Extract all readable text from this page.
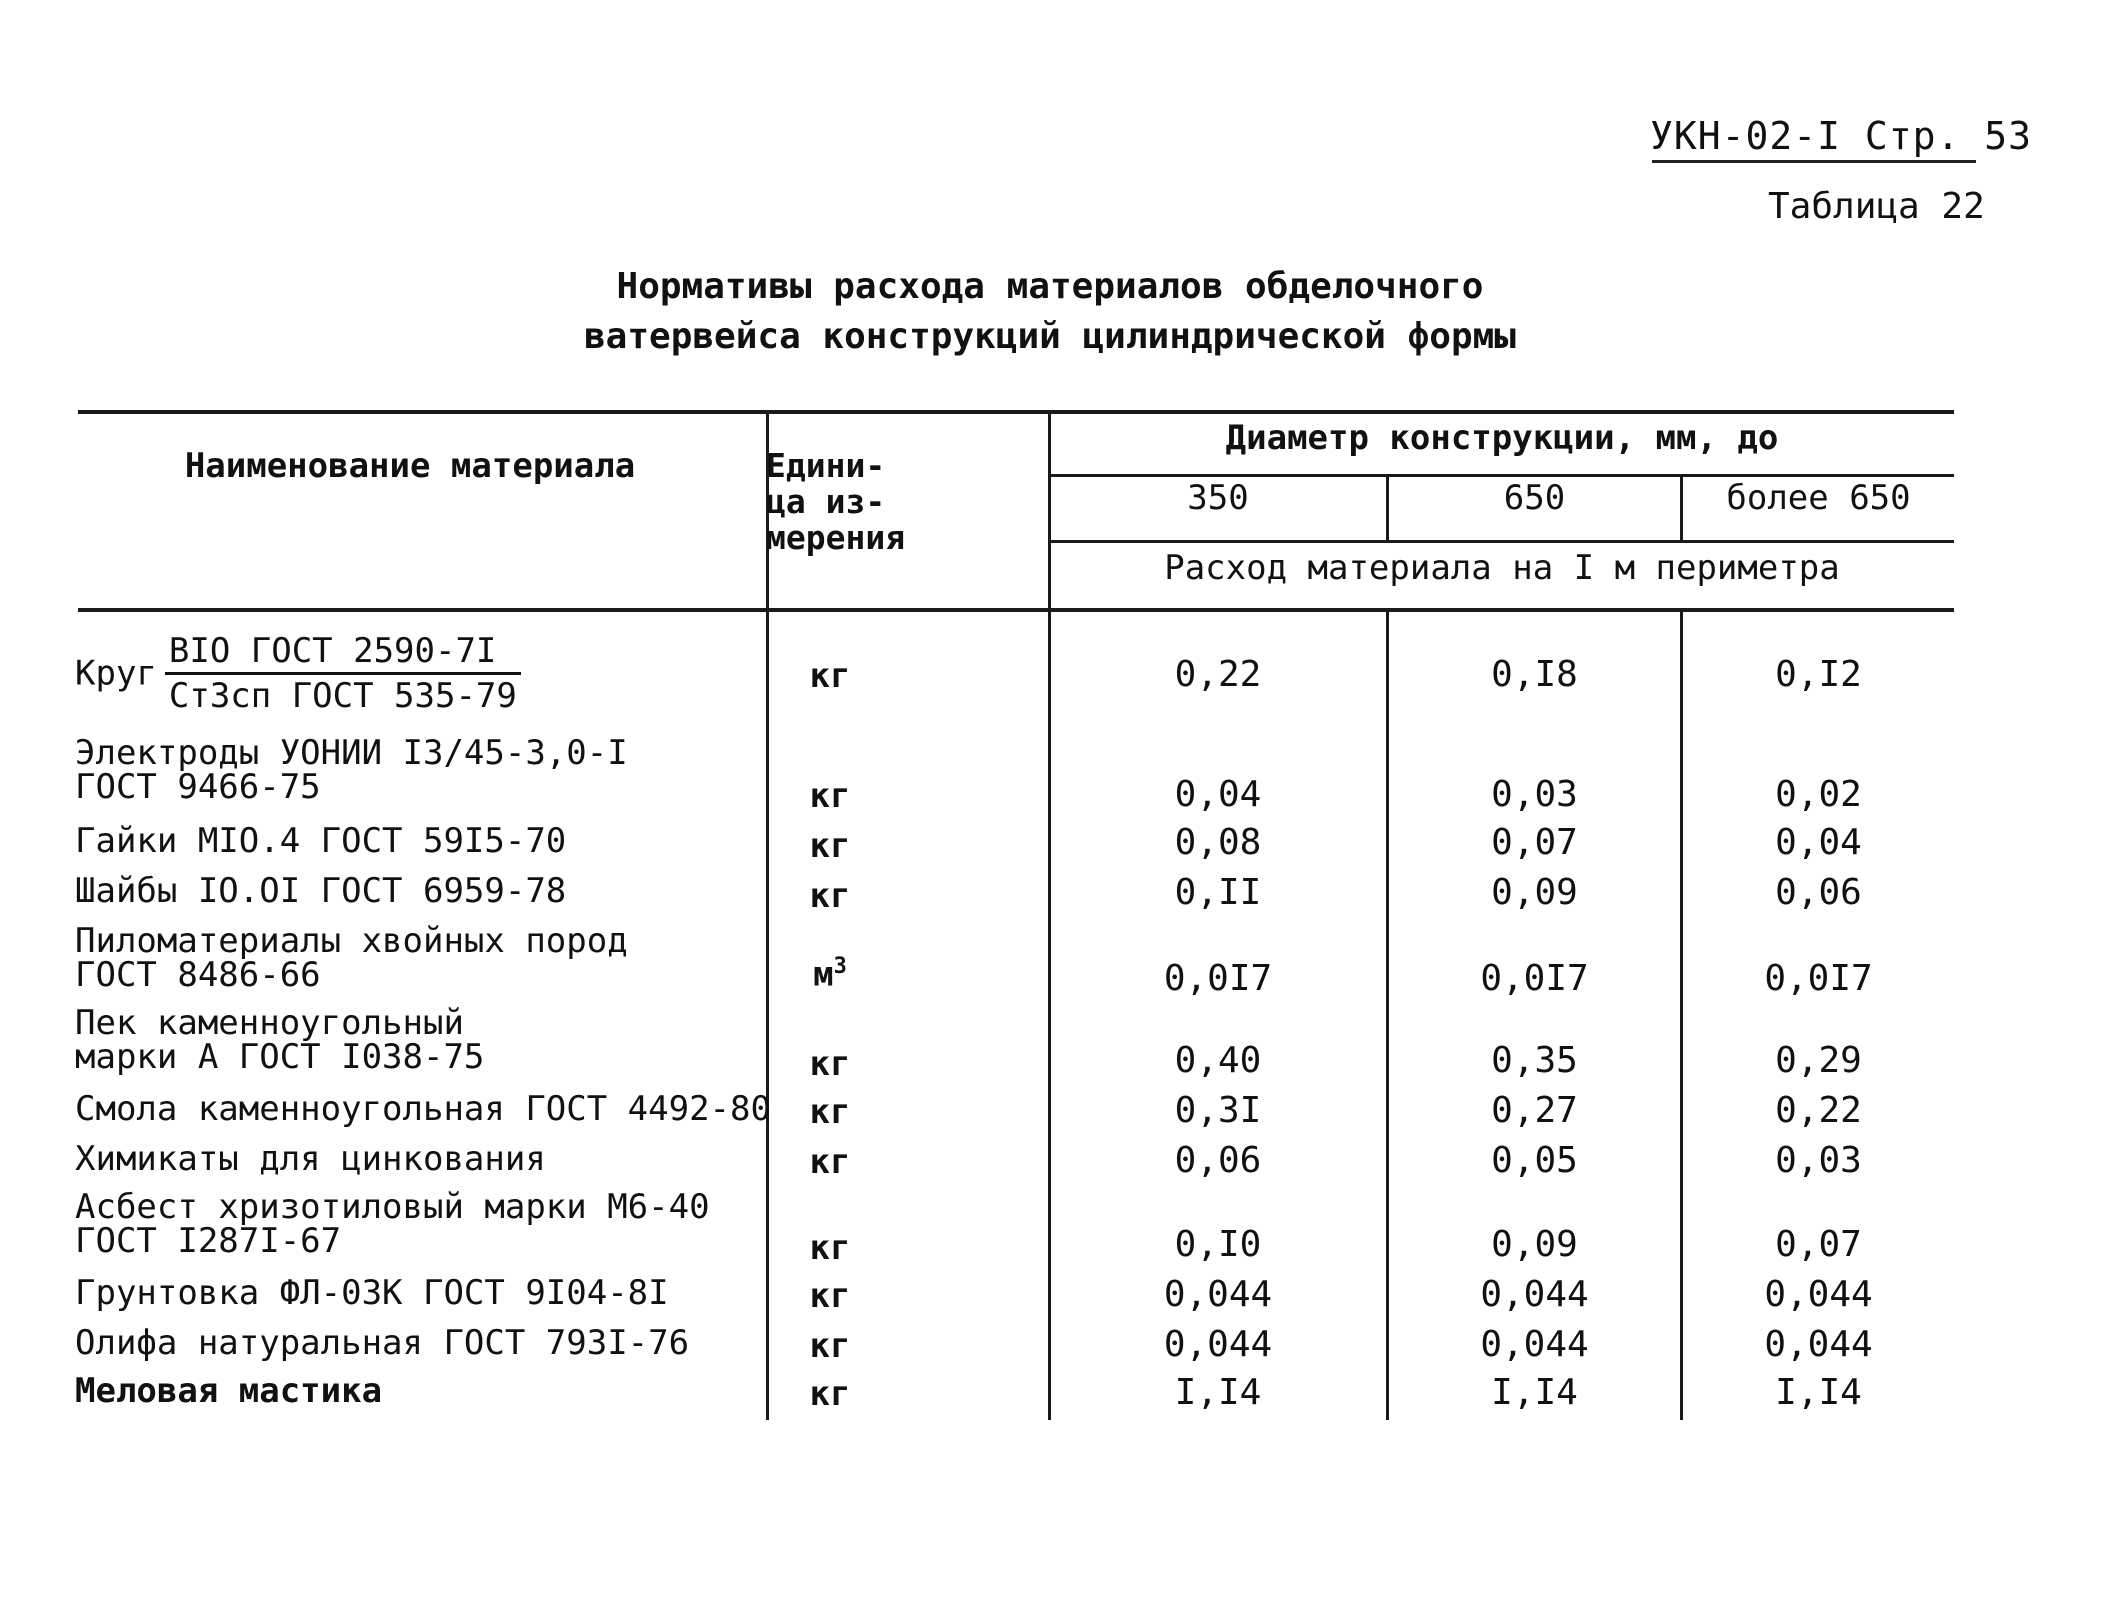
УКН-02-I Стр. 53
Таблица 22
Нормативы расхода материалов обделочного
ватервейса конструкций цилиндрической формы
Наименование материала	Едини-
ца из-
мерения
Диаметр конструкции, мм, до
350	650	более 650
Расход материала на I м периметра
Круг $\frac{\text{BIO ГОСТ 2590-7I}}{\text{Ст3сп ГОСТ 535-79}}$	кг	0,22	0,I8	0,I2
Электроды УОНИИ I3/45-3,0-I
ГОСТ 9466-75	кг	0,04	0,03	0,02
Гайки MIO.4 ГОСТ 59I5-70	кг	0,08	0,07	0,04
Шайбы IO.OI ГОСТ 6959-78	кг	0,II	0,09	0,06
Пиломатериалы хвойных пород
ГОСТ 8486-66	$м^3$	0,0I7	0,0I7	0,0I7
Пек каменноугольный
марки А ГОСТ I038-75	кг	0,40	0,35	0,29
Смола каменноугольная ГОСТ 4492-80	кг	0,3I	0,27	0,22
Химикаты для цинкования	кг	0,06	0,05	0,03
Асбест хризотиловый марки M6-40
ГОСТ I287I-67	кг	0,I0	0,09	0,07
Грунтовка ФЛ-03К ГОСТ 9I04-8I	кг	0,044	0,044	0,044
Олифа натуральная ГОСТ 793I-76	кг	0,044	0,044	0,044
Меловая мастика	кг	I,I4	I,I4	I,I4
